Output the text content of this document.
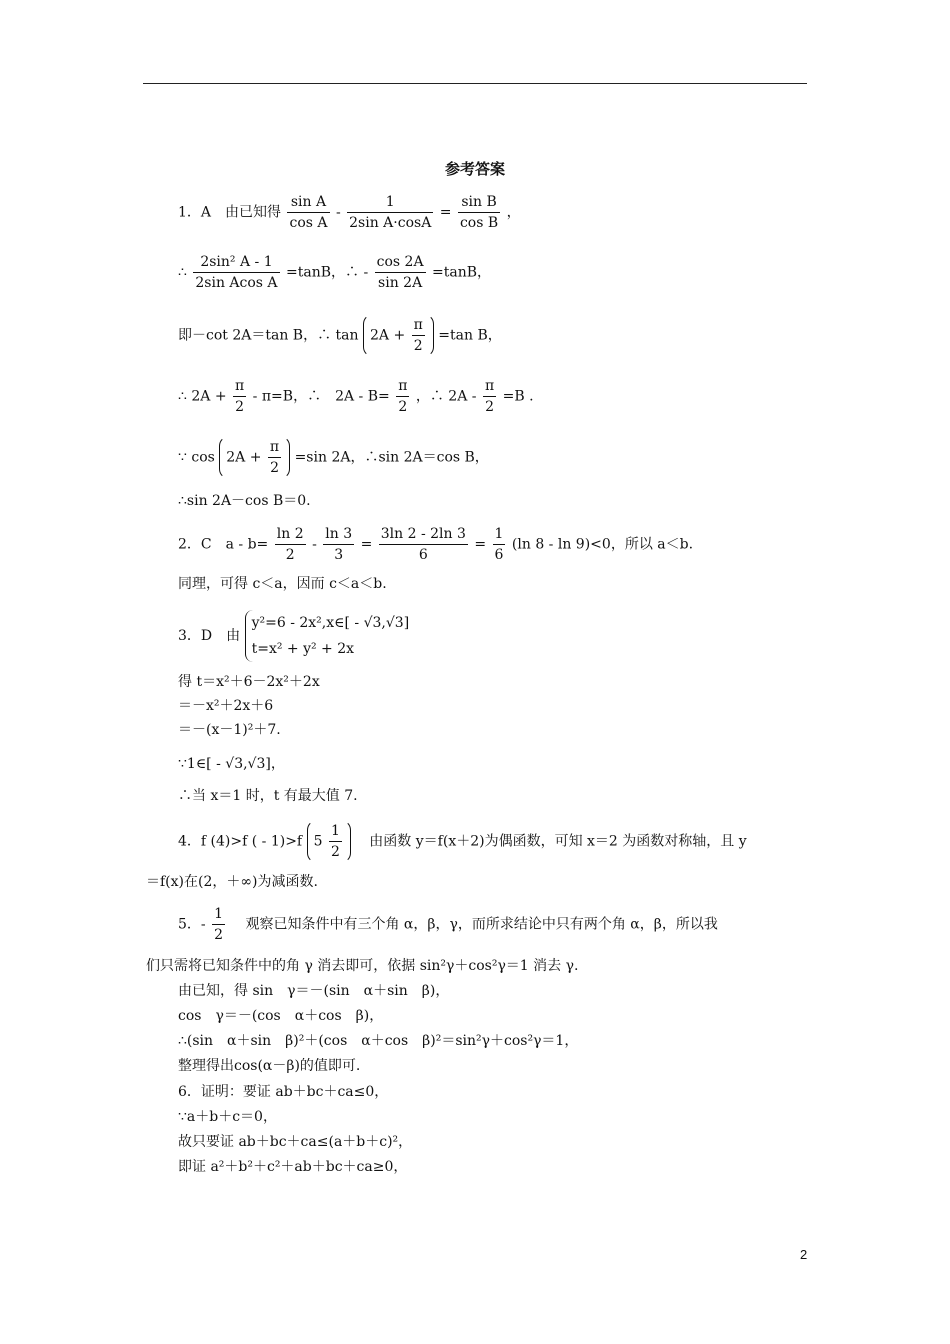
参考答案
1．A　由已知得 $\frac{\text{sin A}}{\text{cos A}} - \frac{1}{\text{2sin A·cosA}} = \frac{\text{sin B}}{\text{cos B}}$ ，
∴ $\frac{\text{2sin² A - 1}}{\text{2sin Acos A}} =\tan B$，∴ - $\frac{\cos 2A}{\sin 2A} =\tan B$，
即－cot 2A＝tan B，∴ $\tan 2A + \frac{\pi}{2} =\tan$ B，
∴ $2A + \frac{\pi}{2} - \pi=B$，∴　$2A - B= \frac{\pi}{2}$ ，∴ $2A - \frac{\pi}{2} =B$ .
∵ $\cos 2A + \frac{\pi}{2} =\sin$ 2A，∴sin 2A＝cos B，
∴sin 2A－cos B＝0.
2．C　$a - b= \frac{\ln 2}{2} - \frac{\ln 3}{3} = \frac{3\ln 2 - 2\ln 3}{6} = \frac{1}{6} (\ln$ 8 - ln 9)<0，所以 a＜b.
同理，可得 c＜a，因而 c＜a＜b.
3．D　由
y²=6 - 2x²,x∈[ - √3,√3]
t=x² + y² + 2x
得 t＝x²＋6－2x²＋2x
＝－x²＋2x＋6
＝－(x－1)²＋7.
∵1∈[ - √3,√3]，
∴当 x＝1 时，t 有最大值 7.
4．f (4)>f ( - 1)>f $5 \frac{1}{2}$ 　由函数 y＝f(x＋2)为偶函数，可知 x＝2 为函数对称轴，且 y
＝f(x)在(2，＋∞)为减函数.
5．- $\frac{1}{2}$ 　观察已知条件中有三个角 α，β，γ，而所求结论中只有两个角 α，β，所以我
们只需将已知条件中的角 γ 消去即可，依据 sin²γ＋cos²γ＝1 消去 γ.
由已知，得 sin　γ＝－(sin　α＋sin　β)，
cos　γ＝－(cos　α＋cos　β)，
∴(sin　α＋sin　β)²＋(cos　α＋cos　β)²＝sin²γ＋cos²γ＝1，
整理得出cos(α－β)的值即可.
6．证明：要证 ab＋bc＋ca≤0，
∵a＋b＋c＝0，
故只要证 ab＋bc＋ca≤(a＋b＋c)²，
即证 a²＋b²＋c²＋ab＋bc＋ca≥0，
2
